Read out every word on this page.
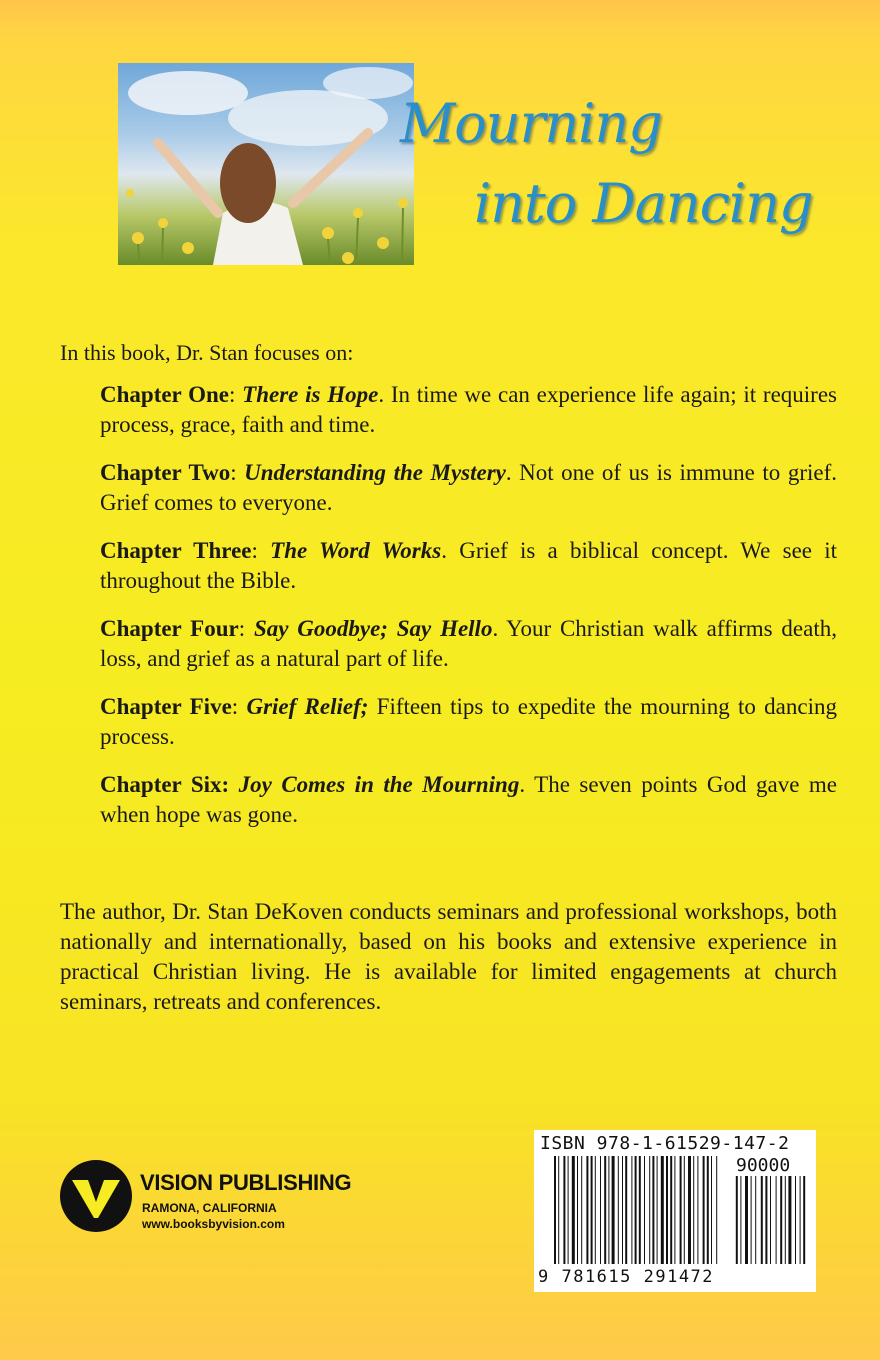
Mourning
into Dancing
In this book, Dr. Stan focuses on:
Chapter One: There is Hope. In time we can experience life again; it requires process, grace, faith and time.
Chapter Two: Understanding the Mystery. Not one of us is immune to grief. Grief comes to everyone.
Chapter Three: The Word Works. Grief is a biblical concept. We see it throughout the Bible.
Chapter Four: Say Goodbye; Say Hello. Your Christian walk affirms death, loss, and grief as a natural part of life.
Chapter Five: Grief Relief; Fifteen tips to expedite the mourning to dancing process.
Chapter Six: Joy Comes in the Mourning. The seven points God gave me when hope was gone.
The author, Dr. Stan DeKoven conducts seminars and professional workshops, both nationally and internationally, based on his books and extensive experience in practical Christian living. He is available for limited engagements at church seminars, retreats and conferences.
VISION PUBLISHING
RAMONA, CALIFORNIA
www.booksbyvision.com
ISBN 978-1-61529-147-2
90000
9 781615 291472
